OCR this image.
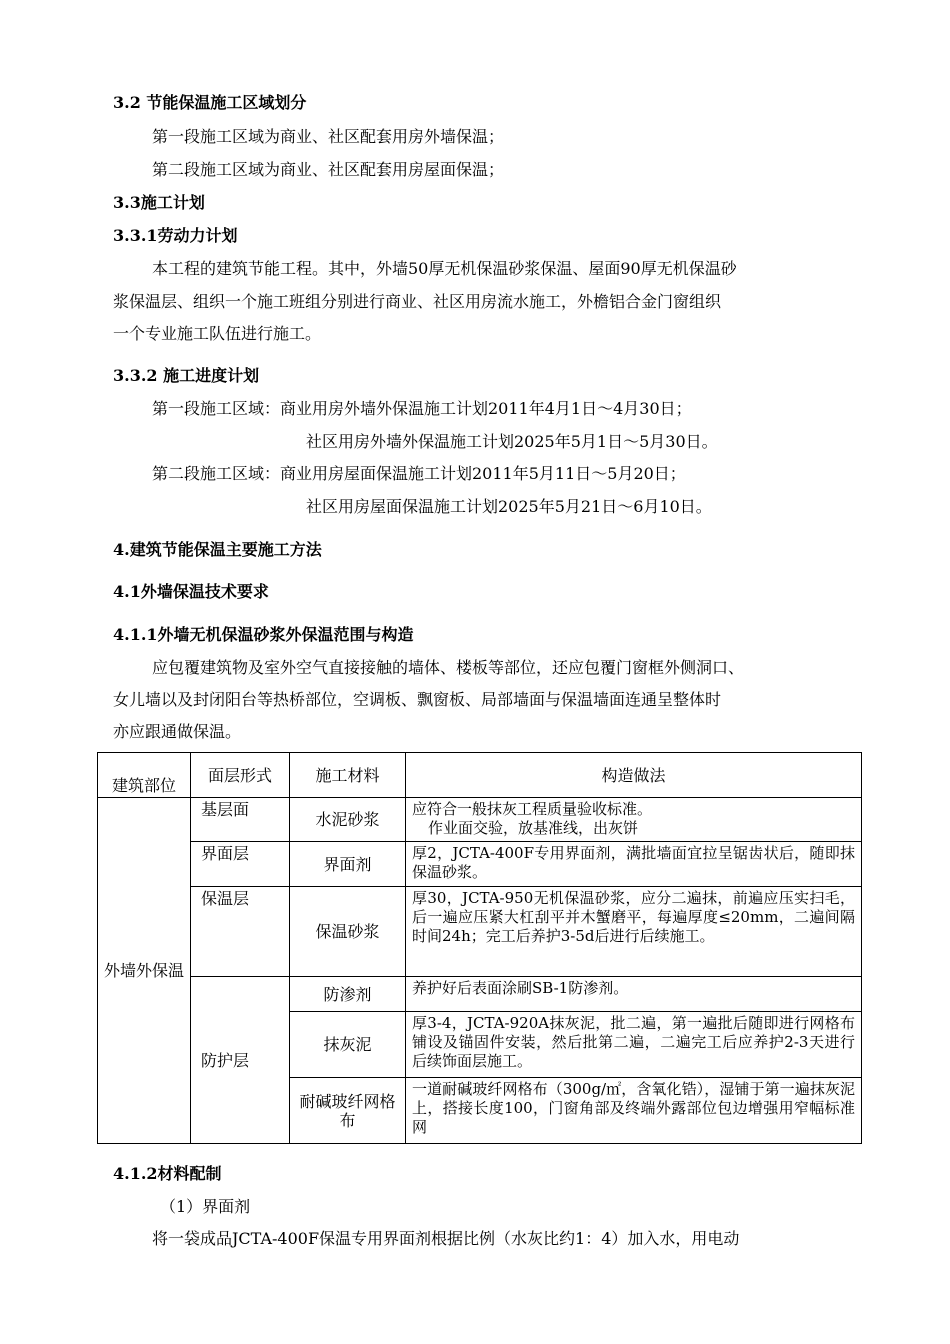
3.2 节能保温施工区域划分
第一段施工区域为商业、社区配套用房外墙保温；
第二段施工区域为商业、社区配套用房屋面保温；
3.3施工计划
3.3.1劳动力计划
本工程的建筑节能工程。其中，外墙50厚无机保温砂浆保温、屋面90厚无机保温砂
浆保温层、组织一个施工班组分别进行商业、社区用房流水施工，外檐铝合金门窗组织
一个专业施工队伍进行施工。
3.3.2 施工进度计划
第一段施工区域：商业用房外墙外保温施工计划2011年4月1日～4月30日；
社区用房外墙外保温施工计划2025年5月1日～5月30日。
第二段施工区域：商业用房屋面保温施工计划2011年5月11日～5月20日；
社区用房屋面保温施工计划2025年5月21日～6月10日。
4.建筑节能保温主要施工方法
4.1外墙保温技术要求
4.1.1外墙无机保温砂浆外保温范围与构造
应包覆建筑物及室外空气直接接触的墙体、楼板等部位，还应包覆门窗框外侧洞口、
女儿墙以及封闭阳台等热桥部位，空调板、飘窗板、局部墙面与保温墙面连通呈整体时
亦应跟通做保温。
建筑部位	面层形式	施工材料	构造做法
外墙外保温	基层面	水泥砂浆	应符合一般抹灰工程质量验收标准。
作业面交验，放基准线，出灰饼
	界面层	界面剂	厚2，JCTA-400F专用界面剂，满批墙面宜拉呈锯齿状后，随即抹保温砂浆。
	保温层	保温砂浆	厚30，JCTA-950无机保温砂浆，应分二遍抹，前遍应压实扫毛，后一遍应压紧大杠刮平并木蟹磨平，每遍厚度≤20mm，二遍间隔时间24h；完工后养护3-5d后进行后续施工。
	防护层	防渗剂	养护好后表面涂刷SB-1防渗剂。
		抹灰泥	厚3-4，JCTA-920A抹灰泥，批二遍，第一遍批后随即进行网格布铺设及锚固件安装，然后批第二遍，二遍完工后应养护2-3天进行后续饰面层施工。
		耐碱玻纤网格布	一道耐碱玻纤网格布（300g/㎡，含氧化锆），湿铺于第一遍抹灰泥上，搭接长度100，门窗角部及终端外露部位包边增强用窄幅标准网
4.1.2材料配制
（1）界面剂
将一袋成品JCTA-400F保温专用界面剂根据比例（水灰比约1：4）加入水，用电动
